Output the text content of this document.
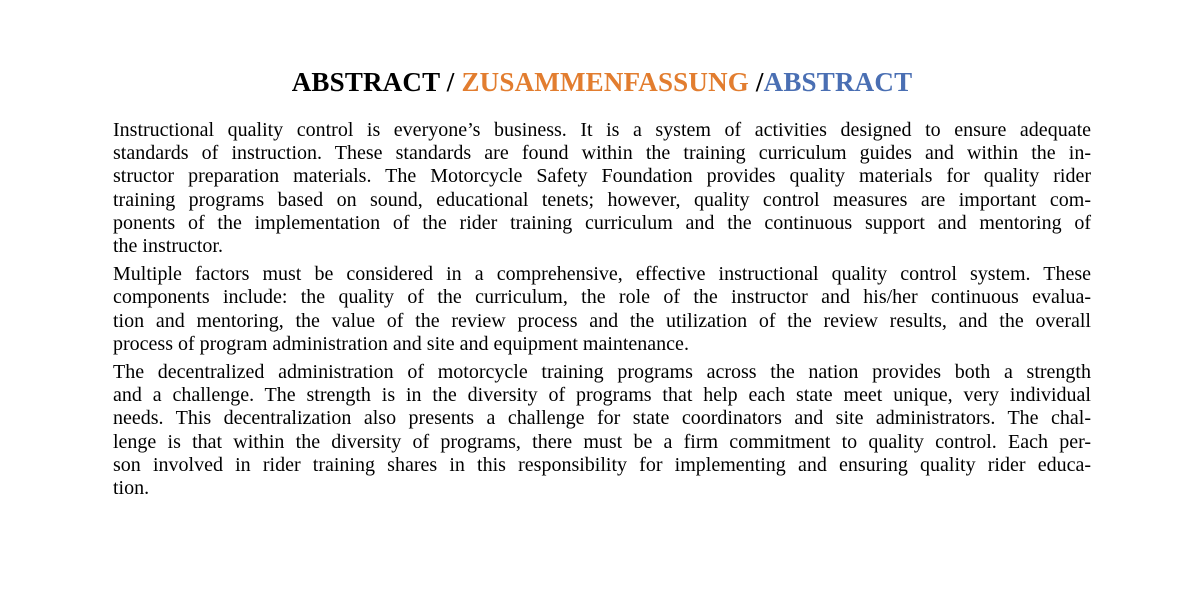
ABSTRACT / ZUSAMMENFASSUNG /ABSTRACT

Instructional quality control is everyone’s business. It is a system of activities designed to ensure adequate
standards of instruction. These standards are found within the training curriculum guides and within the in-
structor preparation materials. The Motorcycle Safety Foundation provides quality materials for quality rider
training programs based on sound, educational tenets; however, quality control measures are important com-
ponents of the implementation of the rider training curriculum and the continuous support and mentoring of
the instructor.

Multiple factors must be considered in a comprehensive, effective instructional quality control system. These
components include: the quality of the curriculum, the role of the instructor and his/her continuous evalua-
tion and mentoring, the value of the review process and the utilization of the review results, and the overall
process of program administration and site and equipment maintenance.

The decentralized administration of motorcycle training programs across the nation provides both a strength
and a challenge. The strength is in the diversity of programs that help each state meet unique, very individual
needs. This decentralization also presents a challenge for state coordinators and site administrators. The chal-
lenge is that within the diversity of programs, there must be a firm commitment to quality control. Each per-
son involved in rider training shares in this responsibility for implementing and ensuring quality rider educa-
tion.
